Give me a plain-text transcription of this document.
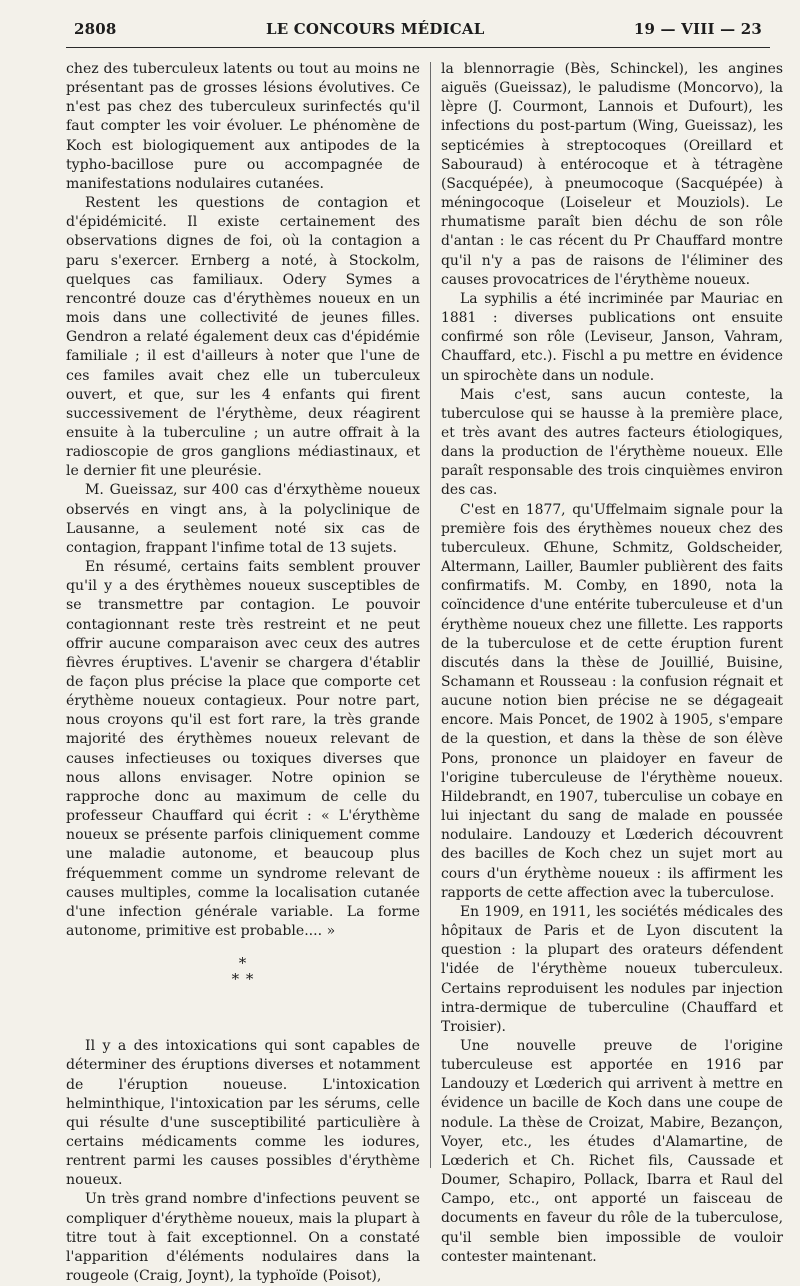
2808	LE CONCOURS MÉDICAL	19 — VIII — 23

chez des tuberculeux latents ou tout au moins ne présentant pas de grosses lésions évolutives. Ce n'est pas chez des tuberculeux surinfectés qu'il faut compter les voir évoluer. Le phénomène de Koch est biologiquement aux antipodes de la typho-bacillose pure ou accompagnée de manifestations nodulaires cutanées.

Restent les questions de contagion et d'épidémicité. Il existe certainement des observations dignes de foi, où la contagion a paru s'exercer. Ernberg a noté, à Stockolm, quelques cas familiaux. Odery Symes a rencontré douze cas d'érythèmes noueux en un mois dans une collectivité de jeunes filles. Gendron a relaté également deux cas d'épidémie familiale ; il est d'ailleurs à noter que l'une de ces familes avait chez elle un tuberculeux ouvert, et que, sur les 4 enfants qui firent successivement de l'érythème, deux réagirent ensuite à la tuberculine ; un autre offrait à la radioscopie de gros ganglions médiastinaux, et le dernier fit une pleurésie.

M. Gueissaz, sur 400 cas d'érxythème noueux observés en vingt ans, à la polyclinique de Lausanne, a seulement noté six cas de contagion, frappant l'infime total de 13 sujets.

En résumé, certains faits semblent prouver qu'il y a des érythèmes noueux susceptibles de se transmettre par contagion. Le pouvoir contagionnant reste très restreint et ne peut offrir aucune comparaison avec ceux des autres fièvres éruptives. L'avenir se chargera d'établir de façon plus précise la place que comporte cet érythème noueux contagieux. Pour notre part, nous croyons qu'il est fort rare, la très grande majorité des érythèmes noueux relevant de causes infectieuses ou toxiques diverses que nous allons envisager. Notre opinion se rapproche donc au maximum de celle du professeur Chauffard qui écrit : « L'érythème noueux se présente parfois cliniquement comme une maladie autonome, et beaucoup plus fréquemment comme un syndrome relevant de causes multiples, comme la localisation cutanée d'une infection générale variable. La forme autonome, primitive est probable.... »

*
* *

Il y a des intoxications qui sont capables de déterminer des éruptions diverses et notamment de l'éruption noueuse. L'intoxication helminthique, l'intoxication par les sérums, celle qui résulte d'une susceptibilité particulière à certains médicaments comme les iodures, rentrent parmi les causes possibles d'érythème noueux.

Un très grand nombre d'infections peuvent se compliquer d'érythème noueux, mais la plupart à titre tout à fait exceptionnel. On a constaté l'apparition d'éléments nodulaires dans la rougeole (Craig, Joynt), la typhoïde (Poisot),

la blennorragie (Bès, Schinckel), les angines aiguës (Gueissaz), le paludisme (Moncorvo), la lèpre (J. Courmont, Lannois et Dufourt), les infections du post-partum (Wing, Gueissaz), les septicémies à streptocoques (Oreillard et Sabouraud) à entérocoque et à tétragène (Sacquépée), à pneumocoque (Sacquépée) à méningocoque (Loiseleur et Mouziols). Le rhumatisme paraît bien déchu de son rôle d'antan : le cas récent du Pr Chauffard montre qu'il n'y a pas de raisons de l'éliminer des causes provocatrices de l'érythème noueux.

La syphilis a été incriminée par Mauriac en 1881 : diverses publications ont ensuite confirmé son rôle (Leviseur, Janson, Vahram, Chauffard, etc.). Fischl a pu mettre en évidence un spirochète dans un nodule.

Mais c'est, sans aucun conteste, la tuberculose qui se hausse à la première place, et très avant des autres facteurs étiologiques, dans la production de l'érythème noueux. Elle paraît responsable des trois cinquièmes environ des cas.

C'est en 1877, qu'Uffelmaim signale pour la première fois des érythèmes noueux chez des tuberculeux. Œhune, Schmitz, Goldscheider, Altermann, Lailler, Baumler publièrent des faits confirmatifs. M. Comby, en 1890, nota la coïncidence d'une entérite tuberculeuse et d'un érythème noueux chez une fillette. Les rapports de la tuberculose et de cette éruption furent discutés dans la thèse de Jouillié, Buisine, Schamann et Rousseau : la confusion régnait et aucune notion bien précise ne se dégageait encore. Mais Poncet, de 1902 à 1905, s'empare de la question, et dans la thèse de son élève Pons, prononce un plaidoyer en faveur de l'origine tuberculeuse de l'érythème noueux. Hildebrandt, en 1907, tuberculise un cobaye en lui injectant du sang de malade en poussée nodulaire. Landouzy et Lœderich découvrent des bacilles de Koch chez un sujet mort au cours d'un érythème noueux : ils affirment les rapports de cette affection avec la tuberculose.

En 1909, en 1911, les sociétés médicales des hôpitaux de Paris et de Lyon discutent la question : la plupart des orateurs défendent l'idée de l'érythème noueux tuberculeux. Certains reproduisent les nodules par injection intra-dermique de tuberculine (Chauffard et Troisier).

Une nouvelle preuve de l'origine tuberculeuse est apportée en 1916 par Landouzy et Lœderich qui arrivent à mettre en évidence un bacille de Koch dans une coupe de nodule. La thèse de Croizat, Mabire, Bezançon, Voyer, etc., les études d'Alamartine, de Lœderich et Ch. Richet fils, Caussade et Doumer, Schapiro, Pollack, Ibarra et Raul del Campo, etc., ont apporté un faisceau de documents en faveur du rôle de la tuberculose, qu'il semble bien impossible de vouloir contester maintenant.
